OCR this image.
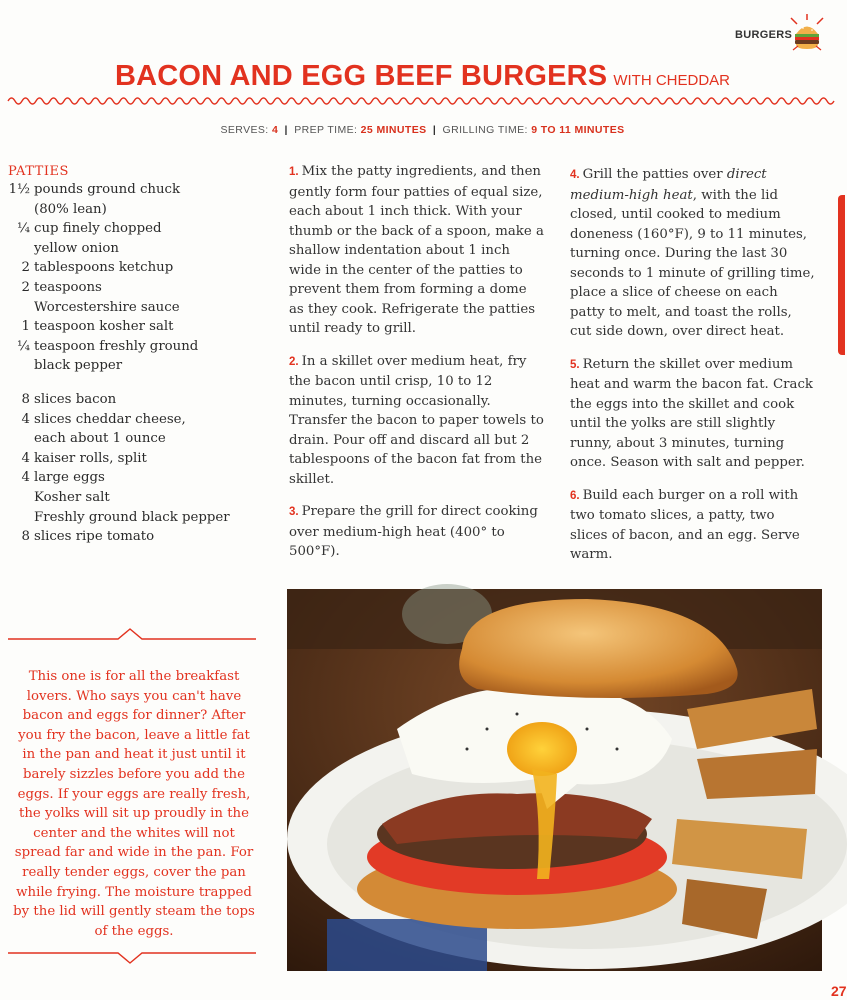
BURGERS
BACON AND EGG BEEF BURGERS WITH CHEDDAR
SERVES: 4 | PREP TIME: 25 MINUTES | GRILLING TIME: 9 TO 11 MINUTES
PATTIES
1½ pounds ground chuck
(80% lean)
¼ cup finely chopped
yellow onion
2 tablespoons ketchup
2 teaspoons
Worcestershire sauce
1 teaspoon kosher salt
¼ teaspoon freshly ground
black pepper
8 slices bacon
4 slices cheddar cheese,
each about 1 ounce
4 kaiser rolls, split
4 large eggs
Kosher salt
Freshly ground black pepper
8 slices ripe tomato

1. Mix the patty ingredients, and then gently form four patties of equal size, each about 1 inch thick. With your thumb or the back of a spoon, make a shallow indentation about 1 inch wide in the center of the patties to prevent them from forming a dome as they cook. Refrigerate the patties until ready to grill.

2. In a skillet over medium heat, fry the bacon until crisp, 10 to 12 minutes, turning occasionally. Transfer the bacon to paper towels to drain. Pour off and discard all but 2 tablespoons of the bacon fat from the skillet.

3. Prepare the grill for direct cooking over medium-high heat (400° to 500°F).

4. Grill the patties over direct medium-high heat, with the lid closed, until cooked to medium doneness (160°F), 9 to 11 minutes, turning once. During the last 30 seconds to 1 minute of grilling time, place a slice of cheese on each patty to melt, and toast the rolls, cut side down, over direct heat.

5. Return the skillet over medium heat and warm the bacon fat. Crack the eggs into the skillet and cook until the yolks are still slightly runny, about 3 minutes, turning once. Season with salt and pepper.

6. Build each burger on a roll with two tomato slices, a patty, two slices of bacon, and an egg. Serve warm.

This one is for all the breakfast lovers. Who says you can't have bacon and eggs for dinner? After you fry the bacon, leave a little fat in the pan and heat it just until it barely sizzles before you add the eggs. If your eggs are really fresh, the yolks will sit up proudly in the center and the whites will not spread far and wide in the pan. For really tender eggs, cover the pan while frying. The moisture trapped by the lid will gently steam the tops of the eggs.
27
